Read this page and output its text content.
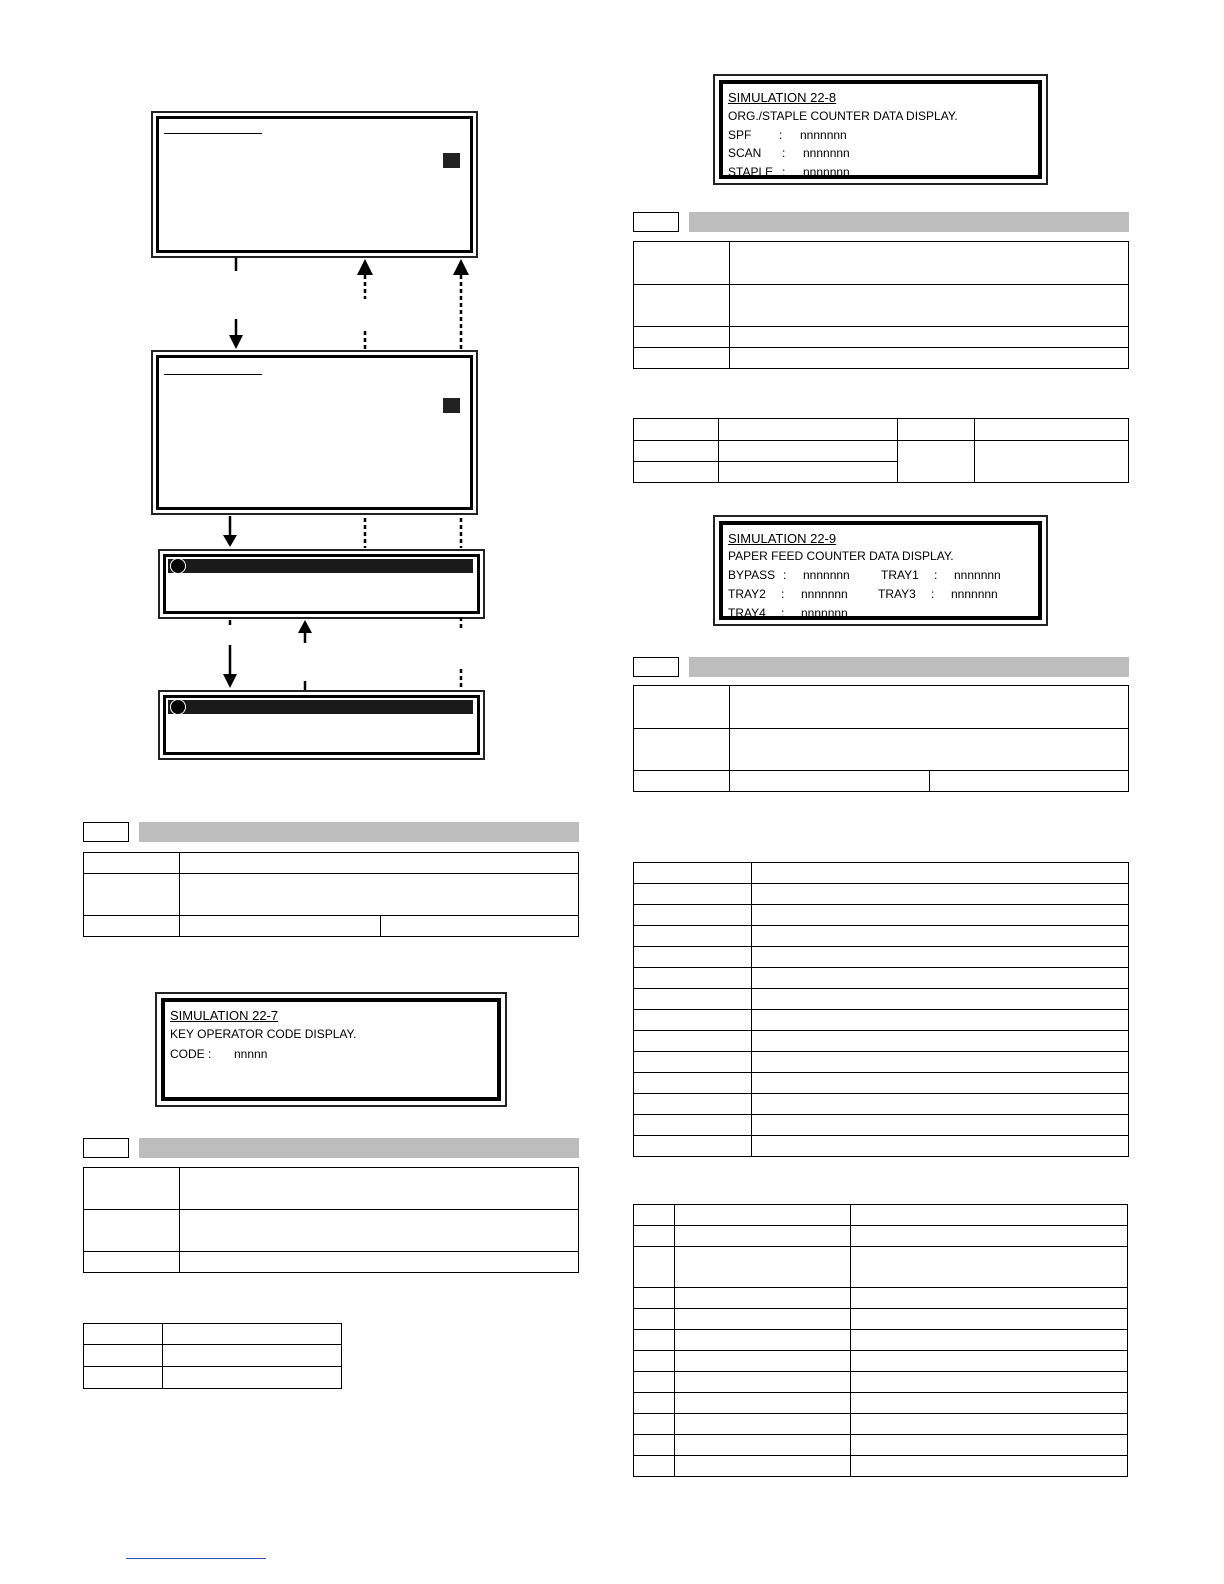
SIMULATION 22-7
KEY OPERATOR CODE DISPLAY.
CODE : nnnnn

SIMULATION 22-8
ORG./STAPLE COUNTER DATA DISPLAY.
SPF : nnnnnnn
SCAN : nnnnnnn
STAPLE : nnnnnnn

SIMULATION 22-9
PAPER FEED COUNTER DATA DISPLAY.
BYPASS : nnnnnnn	TRAY1 : nnnnnnn
TRAY2 : nnnnnnn	TRAY3 : nnnnnnn
TRAY4 : nnnnnnn
